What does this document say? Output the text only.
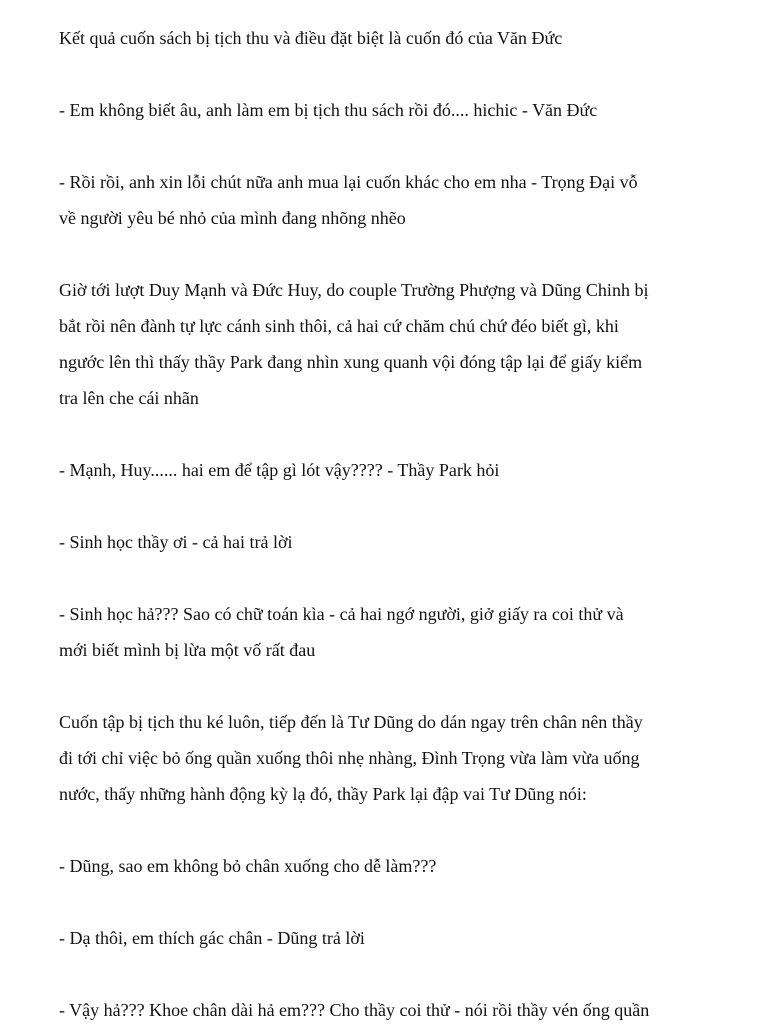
Kết quả cuốn sách bị tịch thu và điều đặt biệt là cuốn đó của Văn Đức
- Em không biết âu, anh làm em bị tịch thu sách rồi đó.... hichic - Văn Đức
- Rồi rồi, anh xin lỗi chút nữa anh mua lại cuốn khác cho em nha - Trọng Đại vỗ
về người yêu bé nhỏ của mình đang nhõng nhẽo
Giờ tới lượt Duy Mạnh và Đức Huy, do couple Trường Phượng và Dũng Chinh bị
bắt rồi nên đành tự lực cánh sinh thôi, cả hai cứ chăm chú chứ đéo biết gì, khi
ngước lên thì thấy thầy Park đang nhìn xung quanh vội đóng tập lại để giấy kiểm
tra lên che cái nhãn
- Mạnh, Huy...... hai em để tập gì lót vậy???? - Thầy Park hỏi
- Sinh học thầy ơi - cả hai trả lời
- Sinh học hả??? Sao có chữ toán kìa - cả hai ngớ người, giở giấy ra coi thử và
mới biết mình bị lừa một vố rất đau
Cuốn tập bị tịch thu ké luôn, tiếp đến là Tư Dũng do dán ngay trên chân nên thầy
đi tới chỉ việc bỏ ống quần xuống thôi nhẹ nhàng, Đình Trọng vừa làm vừa uống
nước, thấy những hành động kỳ lạ đó, thầy Park lại đập vai Tư Dũng nói:
- Dũng, sao em không bỏ chân xuống cho dễ làm???
- Dạ thôi, em thích gác chân - Dũng trả lời
- Vậy hả??? Khoe chân dài hả em??? Cho thầy coi thử - nói rồi thầy vén ống quần
